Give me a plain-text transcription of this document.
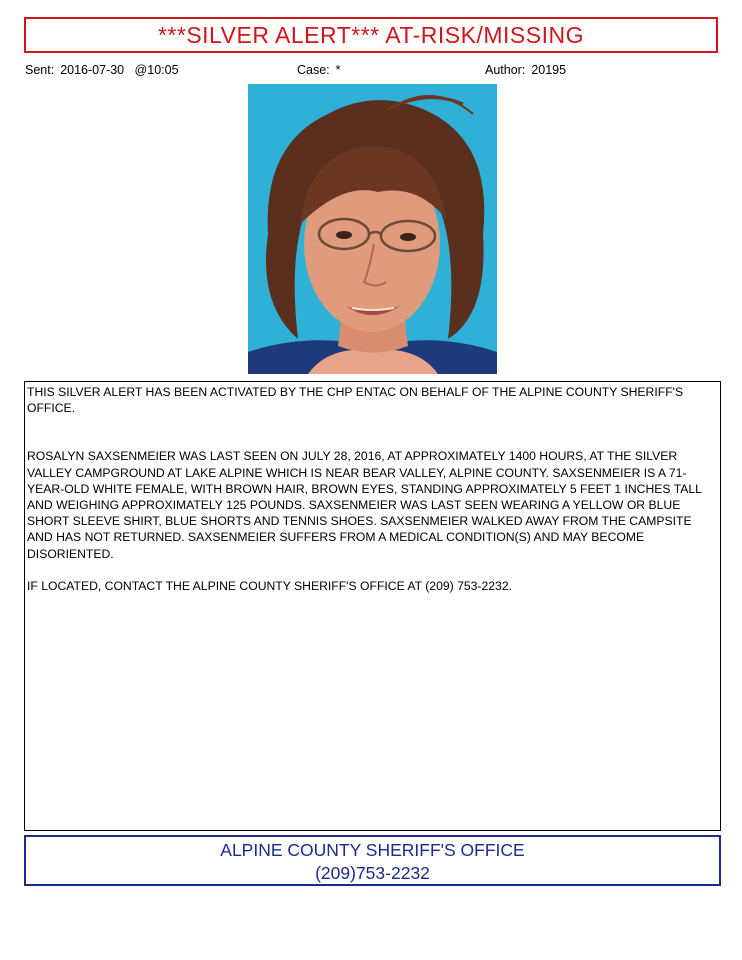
***SILVER ALERT*** AT-RISK/MISSING
Sent: 2016-07-30   @10:05	Case: *	Author: 20195

THIS SILVER ALERT HAS BEEN ACTIVATED BY THE CHP ENTAC ON BEHALF OF THE ALPINE COUNTY SHERIFF'S OFFICE.

ROSALYN SAXSENMEIER WAS LAST SEEN ON JULY 28, 2016, AT APPROXIMATELY 1400 HOURS, AT THE SILVER VALLEY CAMPGROUND AT LAKE ALPINE WHICH IS NEAR BEAR VALLEY, ALPINE COUNTY. SAXSENMEIER IS A 71-YEAR-OLD WHITE FEMALE, WITH BROWN HAIR, BROWN EYES, STANDING APPROXIMATELY 5 FEET 1 INCHES TALL AND WEIGHING APPROXIMATELY 125 POUNDS. SAXSENMEIER WAS LAST SEEN WEARING A YELLOW OR BLUE SHORT SLEEVE SHIRT, BLUE SHORTS AND TENNIS SHOES. SAXSENMEIER WALKED AWAY FROM THE CAMPSITE AND HAS NOT RETURNED. SAXSENMEIER SUFFERS FROM A MEDICAL CONDITION(S) AND MAY BECOME DISORIENTED.

IF LOCATED, CONTACT THE ALPINE COUNTY SHERIFF'S OFFICE AT (209) 753-2232.

ALPINE COUNTY SHERIFF'S OFFICE
(209)753-2232
